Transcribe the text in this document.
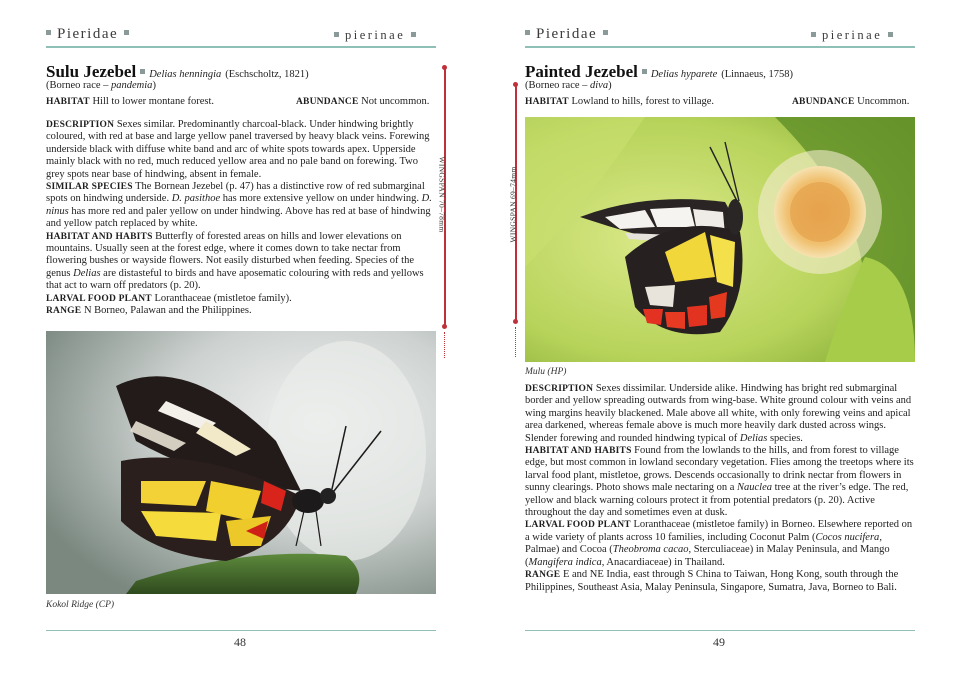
Pieridae	pierinae
Sulu Jezebel Delias henningia (Eschscholtz, 1821)
(Borneo race – pandemia)
HABITAT Hill to lower montane forest.	ABUNDANCE Not uncommon.

DESCRIPTION Sexes similar. Predominantly charcoal-black. Under hindwing brightly coloured, with red at base and large yellow panel traversed by heavy black veins. Forewing underside black with diffuse white band and arc of white spots towards apex. Upperside mainly black with no red, much reduced yellow area and no pale band on forewing. Two grey spots near base of hindwing, absent in female.

SIMILAR SPECIES The Bornean Jezebel (p. 47) has a distinctive row of red submarginal spots on hindwing underside. D. pasithoe has more extensive yellow on under hindwing. D. ninus has more red and paler yellow on under hindwing. Above has red at base of hindwing and yellow patch replaced by white.

HABITAT AND HABITS Butterfly of forested areas on hills and lower elevations on mountains. Usually seen at the forest edge, where it comes down to take nectar from flowering bushes or wayside flowers. Not easily disturbed when feeding. Species of the genus Delias are distasteful to birds and have aposematic colouring with reds and yellows that act to warn off predators (p. 20).

LARVAL FOOD PLANT Loranthaceae (mistletoe family).

RANGE N Borneo, Palawan and the Philippines.

WINGSPAN 70–78mm
Kokol Ridge (CP)
48
Pieridae	pierinae
Painted Jezebel Delias hyparete (Linnaeus, 1758)
(Borneo race – diva)
HABITAT Lowland to hills, forest to village.	ABUNDANCE Uncommon.
WINGSPAN 69–74mm
Mulu (HP)

DESCRIPTION Sexes dissimilar. Underside alike. Hindwing has bright red submarginal border and yellow spreading outwards from wing-base. White ground colour with veins and wing margins heavily blackened. Male above all white, with only forewing veins and apical area darkened, whereas female above is much more heavily dark dusted across wings. Slender forewing and rounded hindwing typical of Delias species.

HABITAT AND HABITS Found from the lowlands to the hills, and from forest to village edge, but most common in lowland secondary vegetation. Flies among the treetops where its larval food plant, mistletoe, grows. Descends occasionally to drink nectar from flowers in sunny clearings. Photo shows male nectaring on a Nauclea tree at the river’s edge. The red, yellow and black warning colours protect it from potential predators (p. 20). Active throughout the day and sometimes even at dusk.

LARVAL FOOD PLANT Loranthaceae (mistletoe family) in Borneo. Elsewhere reported on a wide variety of plants across 10 families, including Coconut Palm (Cocos nucifera, Palmae) and Cocoa (Theobroma cacao, Sterculiaceae) in Malay Peninsula, and Mango (Mangifera indica, Anacardiaceae) in Thailand.

RANGE E and NE India, east through S China to Taiwan, Hong Kong, south through the Philippines, Southeast Asia, Malay Peninsula, Singapore, Sumatra, Java, Borneo to Bali.

49
